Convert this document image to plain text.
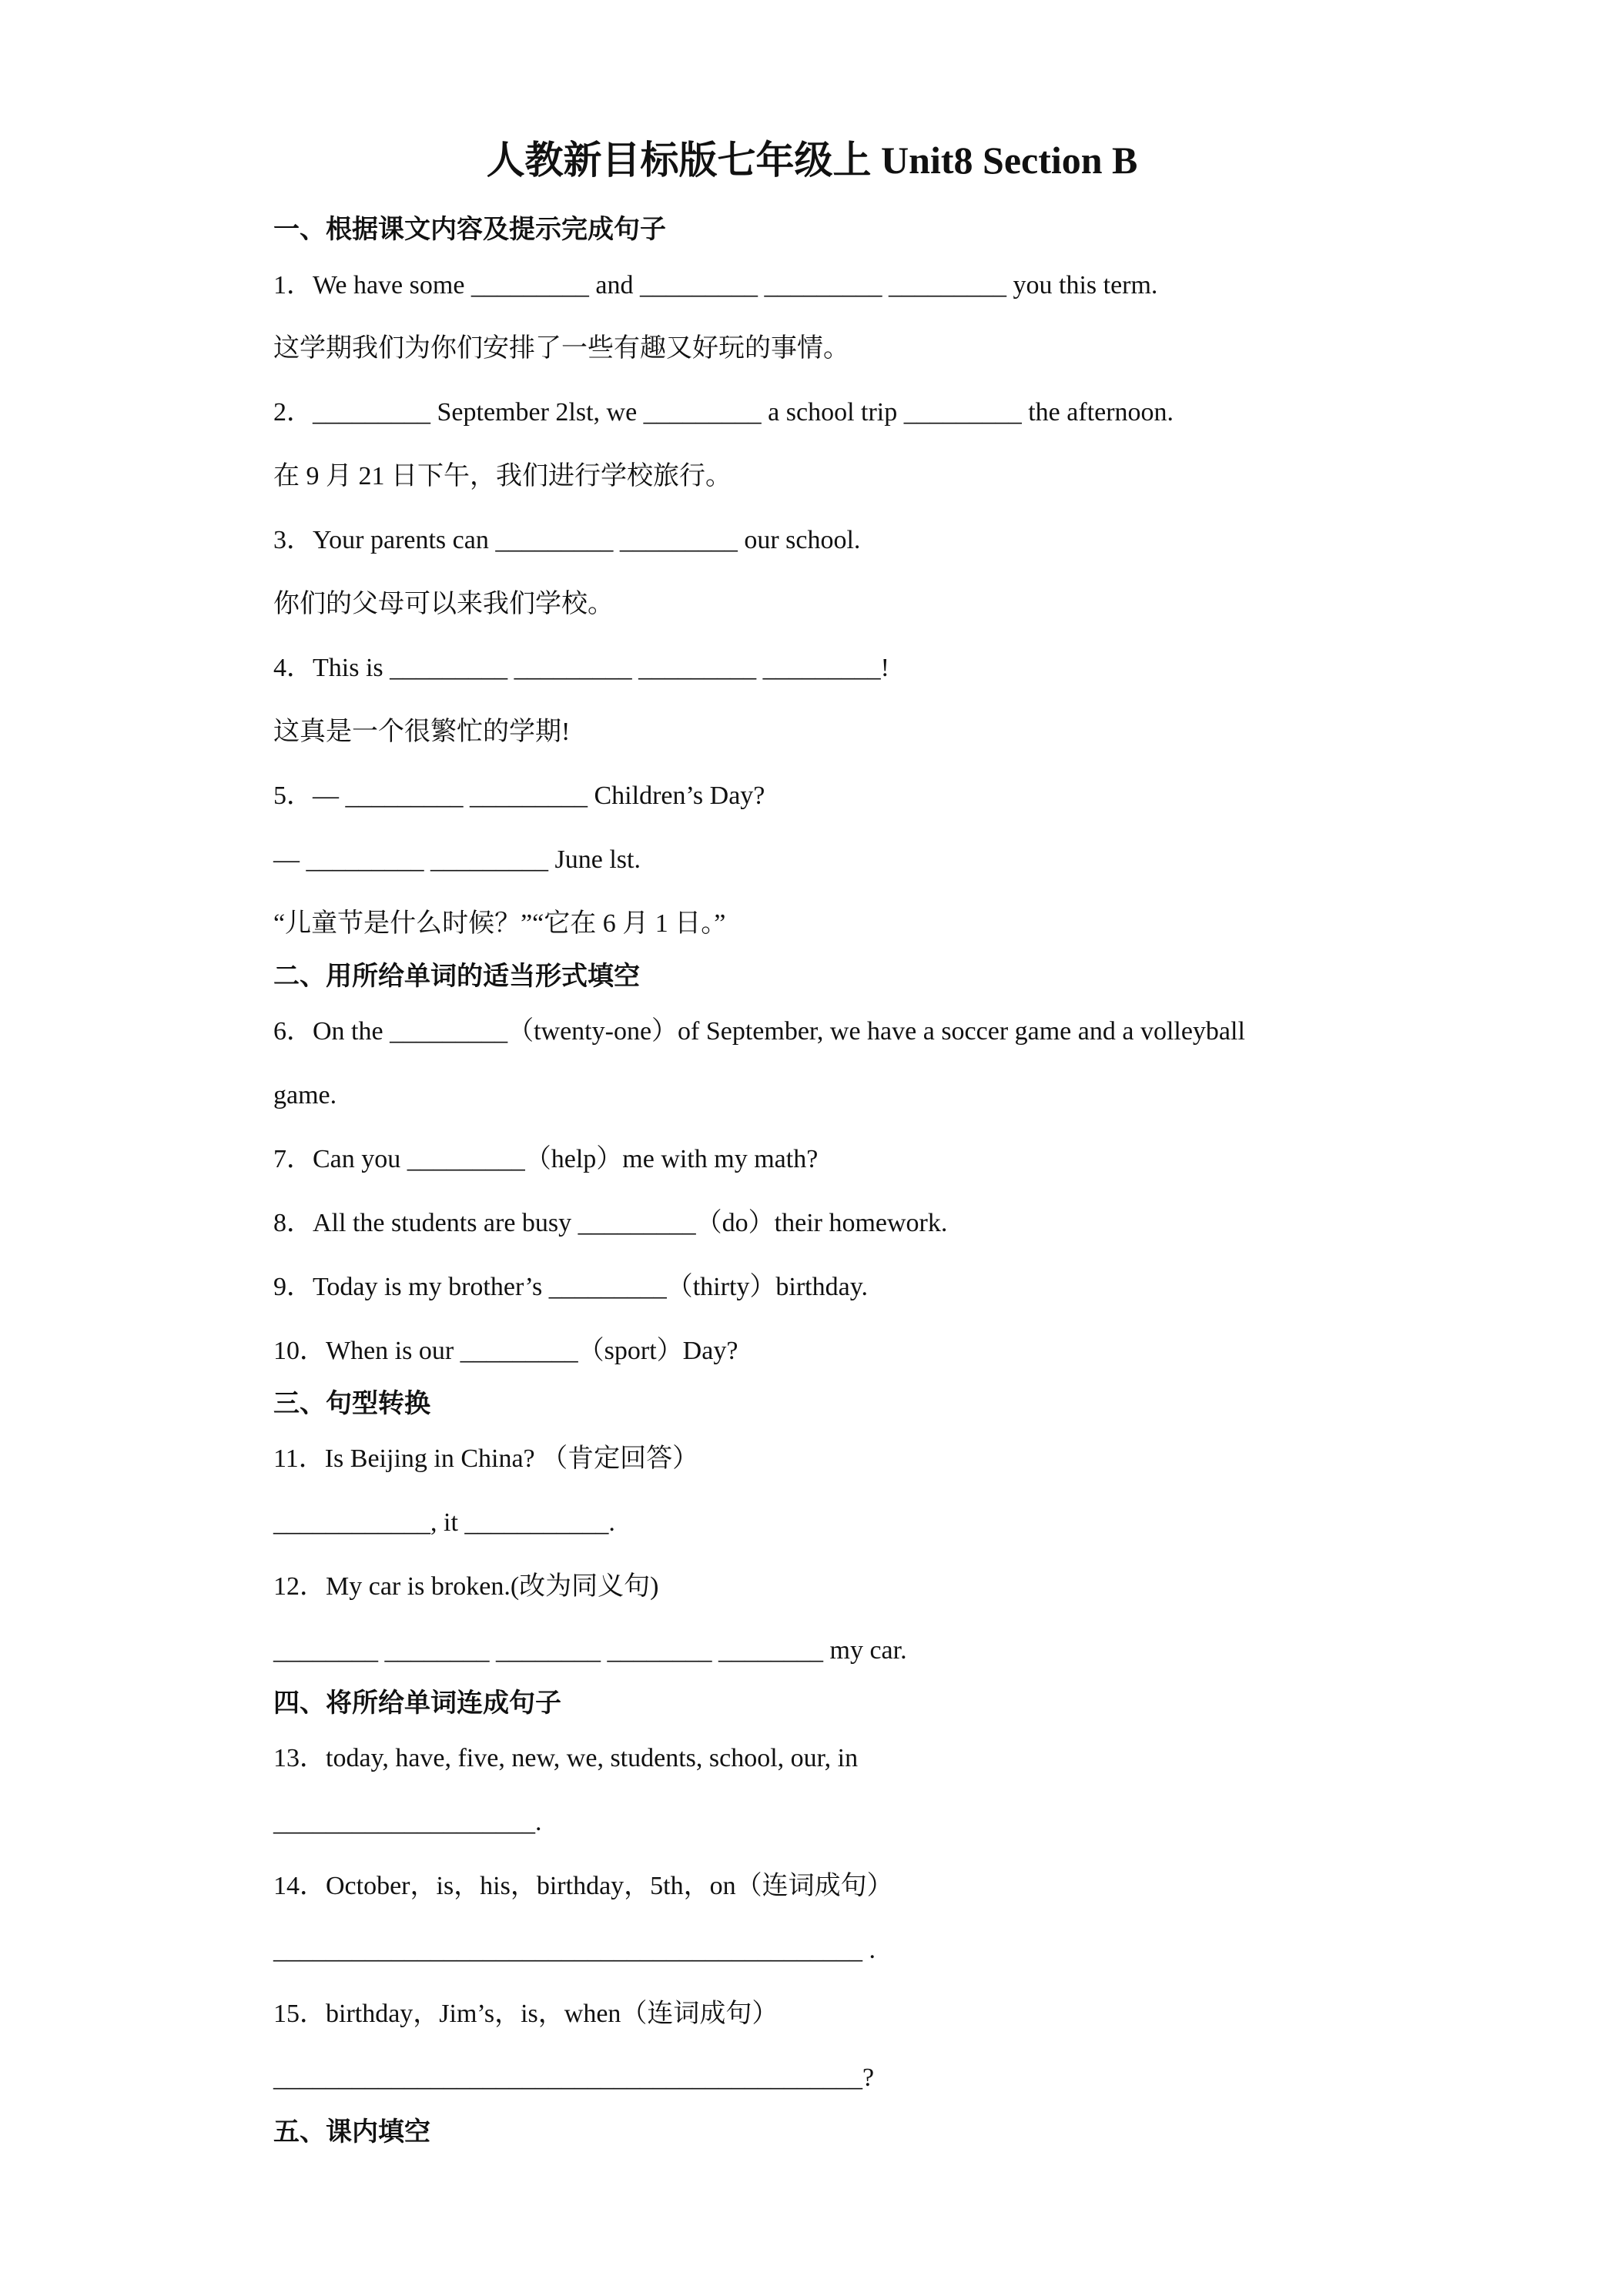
人教新目标版七年级上 Unit8 Section B
一、根据课文内容及提示完成句子
1．We have some _________ and _________ _________ _________ you this term.
这学期我们为你们安排了一些有趣又好玩的事情。
2．_________ September 2lst, we _________ a school trip _________ the afternoon.
在 9 月 21 日下午，我们进行学校旅行。
3．Your parents can _________ _________ our school.
你们的父母可以来我们学校。
4．This is _________ _________ _________ _________!
这真是一个很繁忙的学期!
5．— _________ _________ Children’s Day?
— _________ _________ June lst.
“儿童节是什么时候？”“它在 6 月 1 日。”
二、用所给单词的适当形式填空
6．On the _________（twenty-one）of September, we have a soccer game and a volleyball
game.
7．Can you _________（help）me with my math?
8．All the students are busy _________（do）their homework.
9．Today is my brother’s _________（thirty）birthday.
10．When is our _________（sport）Day?
三、句型转换
11．Is Beijing in China? （肯定回答）
____________, it ___________.
12．My car is broken.(改为同义句)
________ ________ ________ ________ ________ my car.
四、将所给单词连成句子
13．today, have, five, new, we, students, school, our, in
____________________.
14．October，is，his，birthday，5th，on（连词成句）
_____________________________________________ .
15．birthday，Jim’s，is，when（连词成句）
_____________________________________________?
五、课内填空
